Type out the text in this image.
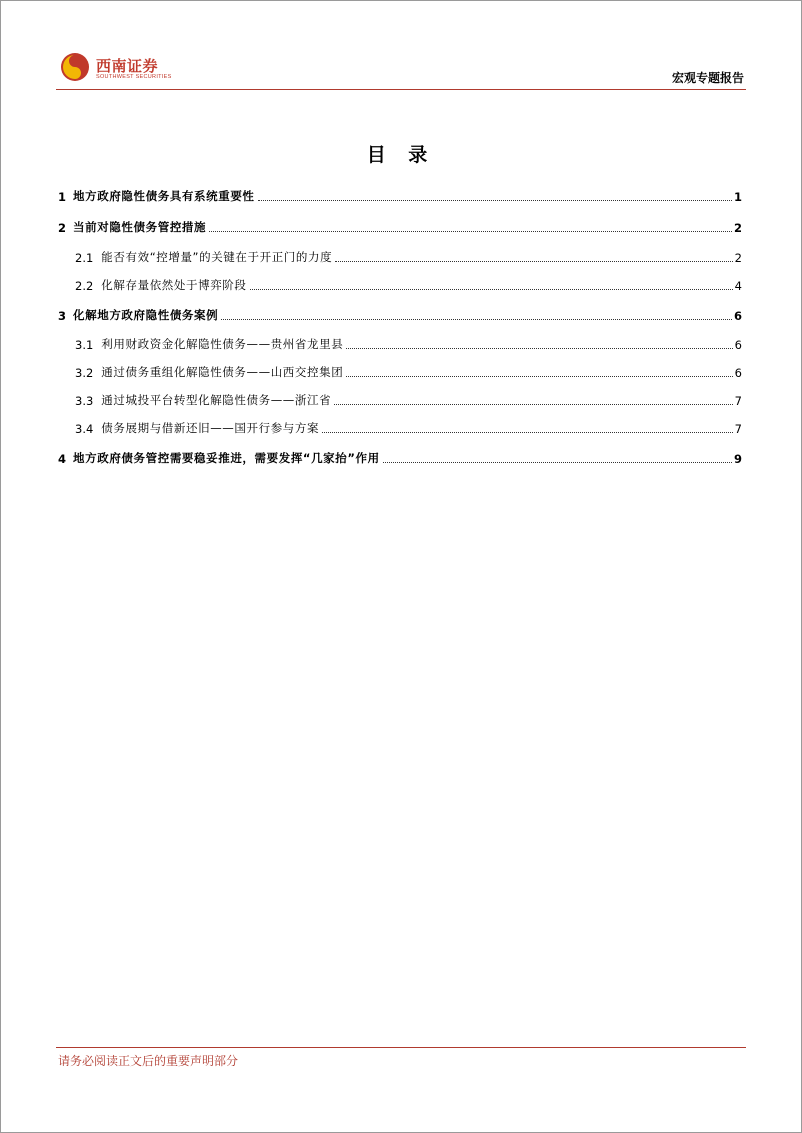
西南证券
SOUTHWEST SECURITIES	宏观专题报告
目 录
1 地方政府隐性债务具有系统重要性	1
2 当前对隐性债务管控措施	2
2.1 能否有效“控增量”的关键在于开正门的力度	2
2.2 化解存量依然处于博弈阶段	4
3 化解地方政府隐性债务案例	6
3.1 利用财政资金化解隐性债务——贵州省龙里县	6
3.2 通过债务重组化解隐性债务——山西交控集团	6
3.3 通过城投平台转型化解隐性债务——浙江省	7
3.4 债务展期与借新还旧——国开行参与方案	7
4 地方政府债务管控需要稳妥推进，需要发挥“几家抬”作用	9
请务必阅读正文后的重要声明部分
